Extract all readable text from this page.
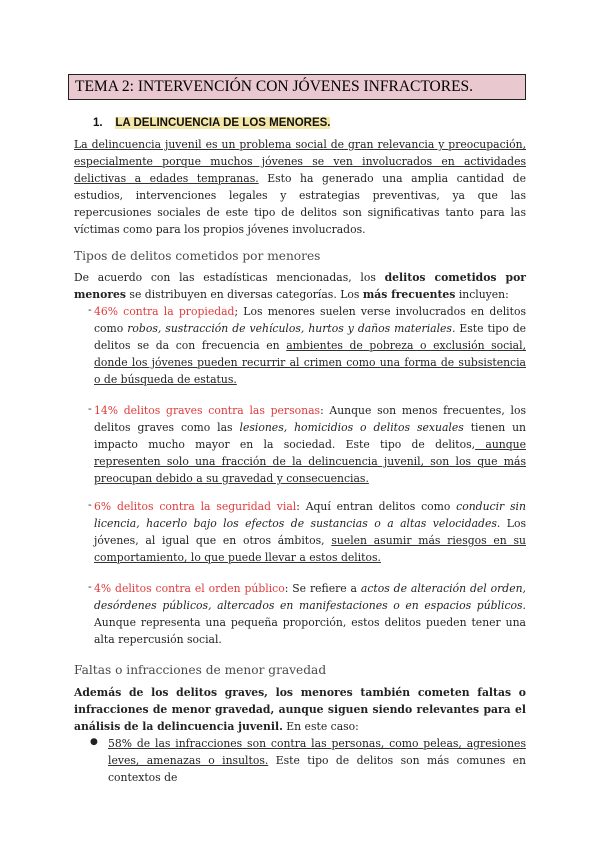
TEMA 2: INTERVENCIÓN CON JÓVENES INFRACTORES.
1. LA DELINCUENCIA DE LOS MENORES.
La delincuencia juvenil es un problema social de gran relevancia y preocupación, especialmente porque muchos jóvenes se ven involucrados en actividades delictivas a edades tempranas. Esto ha generado una amplia cantidad de estudios, intervenciones legales y estrategias preventivas, ya que las repercusiones sociales de este tipo de delitos son significativas tanto para las víctimas como para los propios jóvenes involucrados.
Tipos de delitos cometidos por menores
De acuerdo con las estadísticas mencionadas, los delitos cometidos por menores se distribuyen en diversas categorías. Los más frecuentes incluyen:
- 46% contra la propiedad; Los menores suelen verse involucrados en delitos como robos, sustracción de vehículos, hurtos y daños materiales. Este tipo de delitos se da con frecuencia en ambientes de pobreza o exclusión social, donde los jóvenes pueden recurrir al crimen como una forma de subsistencia o de búsqueda de estatus.
- 14% delitos graves contra las personas: Aunque son menos frecuentes, los delitos graves como las lesiones, homicidios o delitos sexuales tienen un impacto mucho mayor en la sociedad. Este tipo de delitos, aunque representen solo una fracción de la delincuencia juvenil, son los que más preocupan debido a su gravedad y consecuencias.
- 6% delitos contra la seguridad vial: Aquí entran delitos como conducir sin licencia, hacerlo bajo los efectos de sustancias o a altas velocidades. Los jóvenes, al igual que en otros ámbitos, suelen asumir más riesgos en su comportamiento, lo que puede llevar a estos delitos.
- 4% delitos contra el orden público: Se refiere a actos de alteración del orden, desórdenes públicos, altercados en manifestaciones o en espacios públicos. Aunque representa una pequeña proporción, estos delitos pueden tener una alta repercusión social.
Faltas o infracciones de menor gravedad
Además de los delitos graves, los menores también cometen faltas o infracciones de menor gravedad, aunque siguen siendo relevantes para el análisis de la delincuencia juvenil. En este caso:
● 58% de las infracciones son contra las personas, como peleas, agresiones leves, amenazas o insultos. Este tipo de delitos son más comunes en contextos de
